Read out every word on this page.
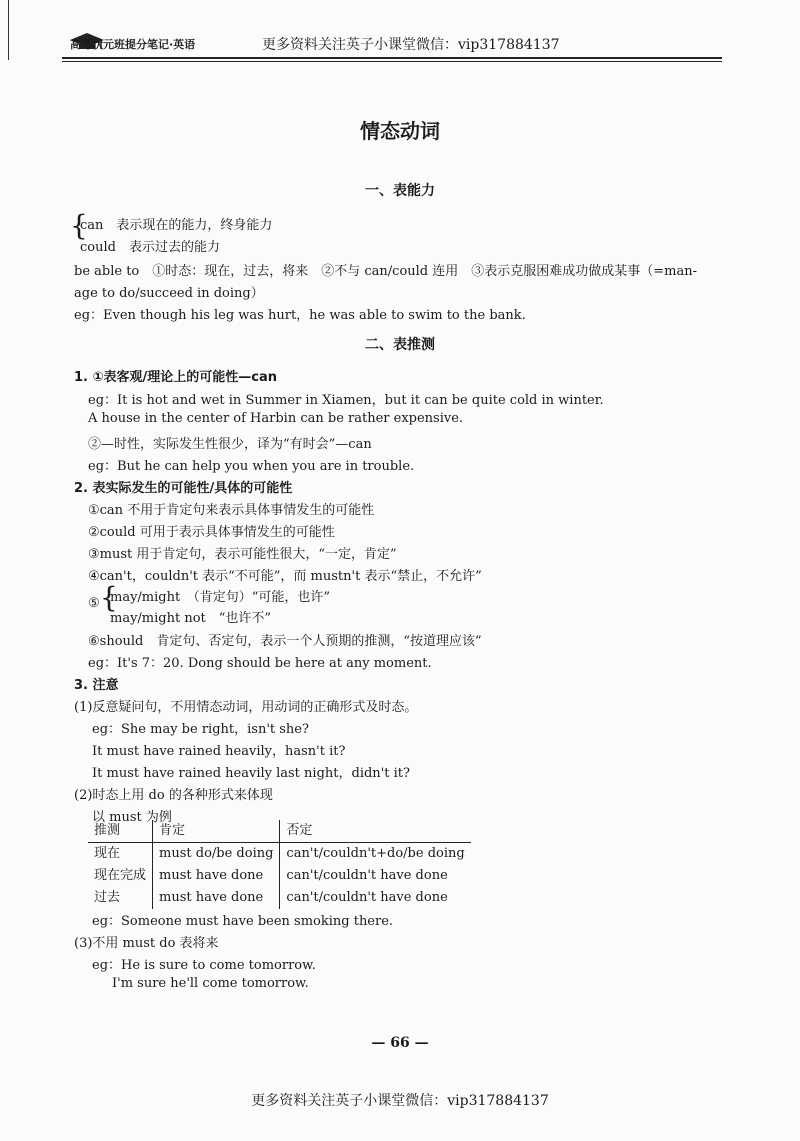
高考状元班提分笔记·英语	更多资料关注英子小课堂微信：vip317884137
情态动词
一、表能力
{
can　表示现在的能力，终身能力
could　表示过去的能力
be able to　①时态：现在，过去，将来　②不与 can/could 连用　③表示克服困难成功做成某事（=man-
age to do/succeed in doing）
eg：Even though his leg was hurt，he was able to swim to the bank.
二、表推测
1. ①表客观/理论上的可能性—can
eg：It is hot and wet in Summer in Xiamen，but it can be quite cold in winter.
A house in the center of Harbin can be rather expensive.
②—时性，实际发生性很少，译为“有时会”—can
eg：But he can help you when you are in trouble.
2. 表实际发生的可能性/具体的可能性
①can 不用于肯定句来表示具体事情发生的可能性
②could 可用于表示具体事情发生的可能性
③must 用于肯定句，表示可能性很大，“一定，肯定”
④can't，couldn't 表示“不可能”，而 mustn't 表示“禁止，不允许”
⑤ {
may/might　（肯定句）“可能，也许”
may/might not　“也许不”
⑥should　肯定句、否定句，表示一个人预期的推测，“按道理应该”
eg：It's 7：20. Dong should be here at any moment.
3. 注意
(1)反意疑问句，不用情态动词，用动词的正确形式及时态。
eg：She may be right，isn't she?
It must have rained heavily，hasn't it?
It must have rained heavily last night，didn't it?
(2)时态上用 do 的各种形式来体现
以 must 为例
推测	肯定	否定
现在	must do/be doing	can't/couldn't+do/be doing
现在完成	must have done	can't/couldn't have done
过去	must have done	can't/couldn't have done
eg：Someone must have been smoking there.
(3)不用 must do 表将来
eg：He is sure to come tomorrow.
I'm sure he'll come tomorrow.
— 66 —
更多资料关注英子小课堂微信：vip317884137
